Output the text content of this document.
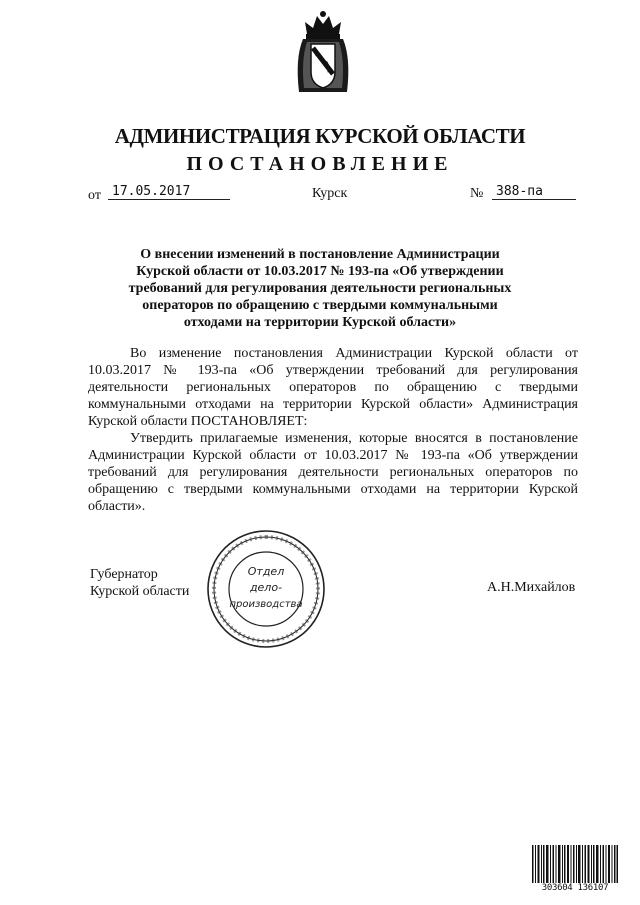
АДМИНИСТРАЦИЯ КУРСКОЙ ОБЛАСТИ
ПОСТАНОВЛЕНИЕ
от 17.05.2017	Курск	№ 388-па
О внесении изменений в постановление Администрации
Курской области от 10.03.2017 № 193-па «Об утверждении
требований для регулирования деятельности региональных
операторов по обращению с твердыми коммунальными
отходами на территории Курской области»

Во изменение постановления Администрации Курской области от 10.03.2017 № 193-па «Об утверждении требований для регулирования деятельности региональных операторов по обращению с твердыми коммунальными отходами на территории Курской области» Администрация Курской области ПОСТАНОВЛЯЕТ:

Утвердить прилагаемые изменения, которые вносятся в постановление Администрации Курской области от 10.03.2017 № 193-па «Об утверждении требований для регулирования деятельности региональных операторов по обращению с твердыми коммунальными отходами на территории Курской области».

Губернатор
Курской области	А.Н.Михайлов
Отдел
дело-
производства
303604 136107
